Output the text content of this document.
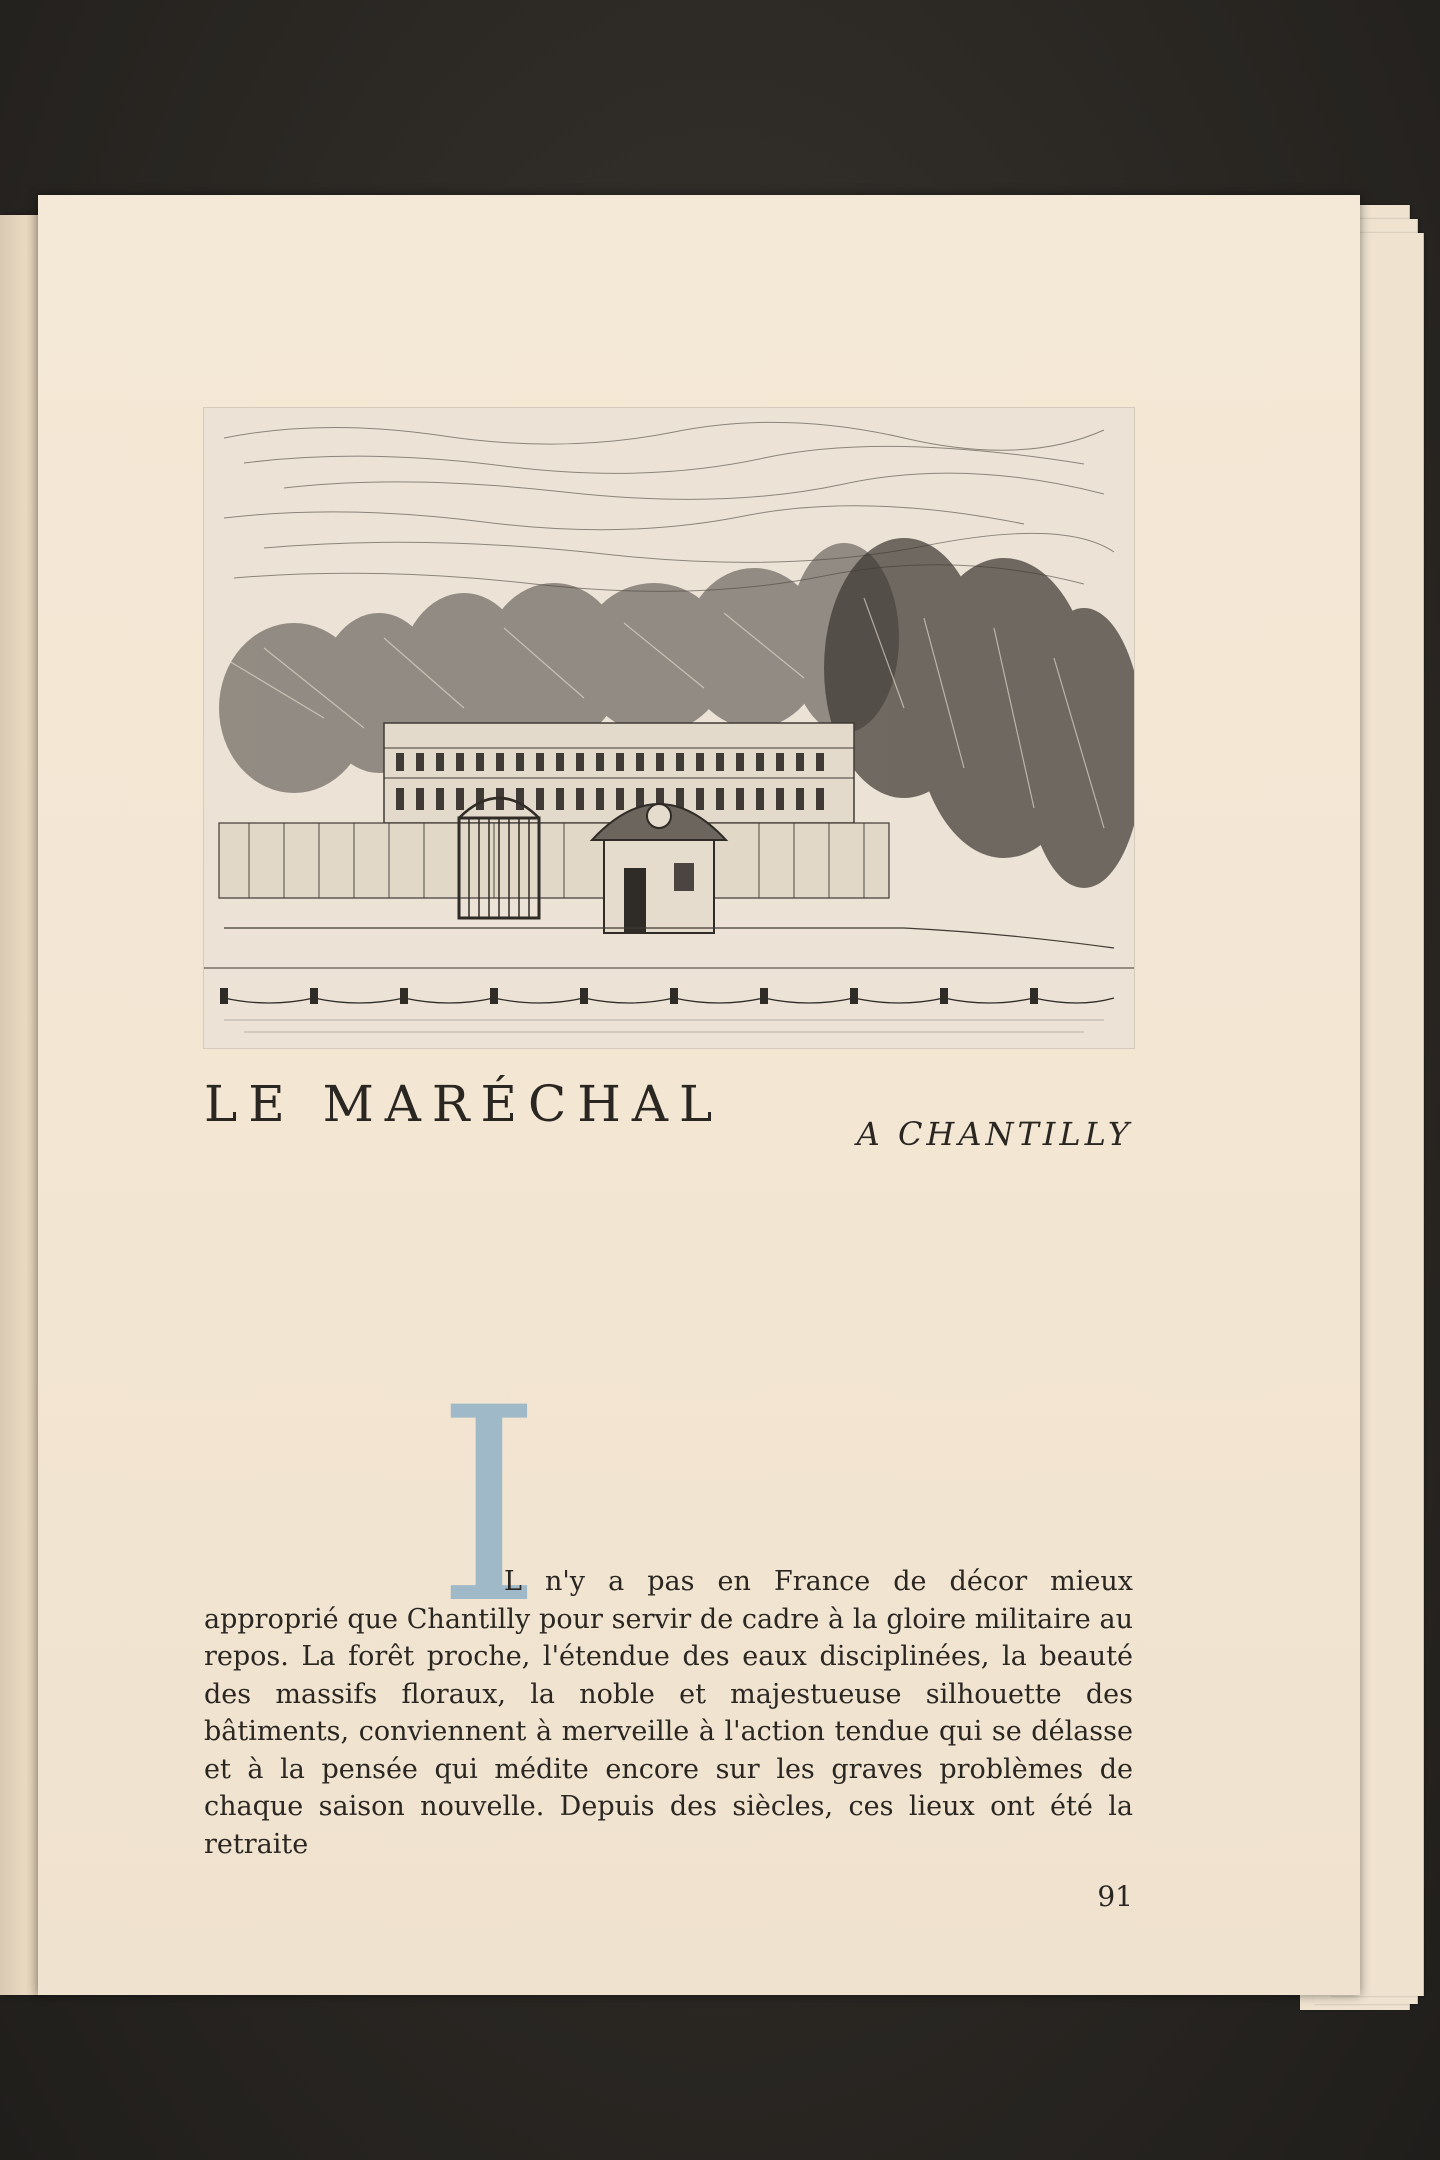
LE MARÉCHAL
A CHANTILLY
I
L n'y a pas en France de décor mieux
approprié que Chantilly pour servir de cadre à la gloire militaire au repos. La forêt proche, l'étendue des eaux disciplinées, la beauté des massifs floraux, la noble et majestueuse silhouette des bâtiments, conviennent à merveille à l'action tendue qui se délasse et à la pensée qui médite encore sur les graves problèmes de chaque saison nouvelle. Depuis des siècles, ces lieux ont été la retraite
91
